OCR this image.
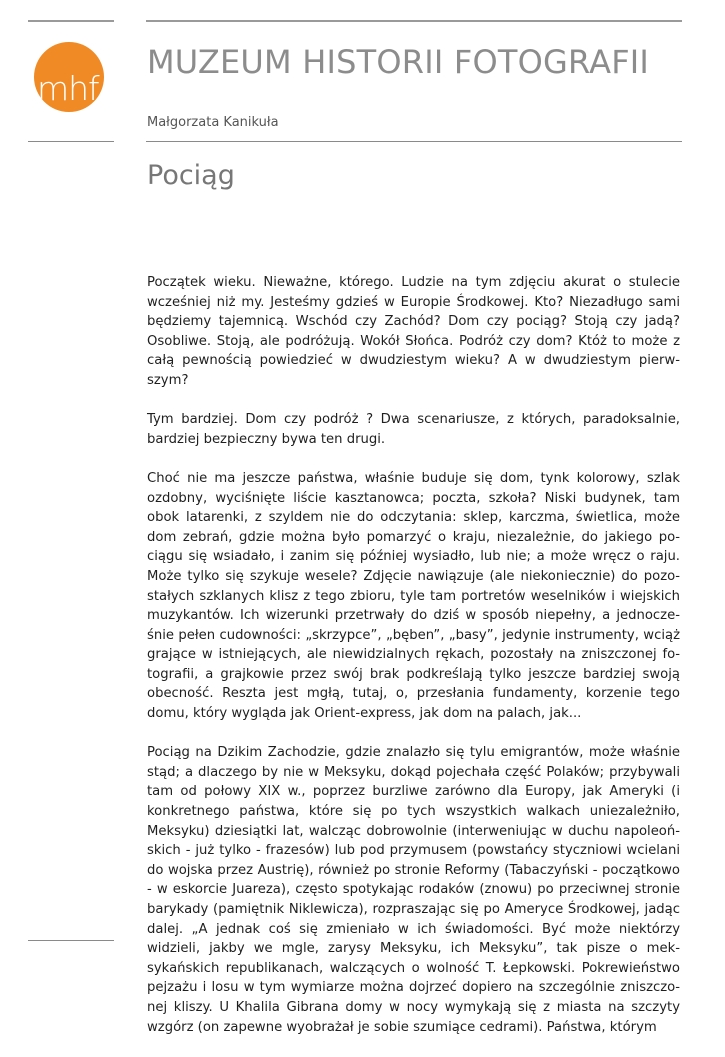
mhf
MUZEUM HISTORII FOTOGRAFII
Małgorzata Kanikuła
Pociąg

Początek wieku. Nieważne, którego. Ludzie na tym zdjęciu akurat o stulecie wcześniej niż my. Jesteśmy gdzieś w Europie Środkowej. Kto? Niezadługo sami będziemy tajemnicą. Wschód czy Zachód? Dom czy pociąg? Stoją czy jadą? Osobliwe. Stoją, ale podróżują. Wokół Słońca. Podróż czy dom? Któż to może z całą pewnością powiedzieć w dwudziestym wieku? A w dwudziestym pierwszym?

Tym bardziej. Dom czy podróż ? Dwa scenariusze, z których, paradoksalnie, bardziej bezpieczny bywa ten drugi.

Choć nie ma jeszcze państwa, właśnie buduje się dom, tynk kolorowy, szlak ozdobny, wyciśnięte liście kasztanowca; poczta, szkoła? Niski budynek, tam obok latarenki, z szyldem nie do odczytania: sklep, karczma, świetlica, może dom zebrań, gdzie można było pomarzyć o kraju, niezależnie, do jakiego pociągu się wsiadało, i zanim się później wysiadło, lub nie; a może wręcz o raju. Może tylko się szykuje wesele? Zdjęcie nawiązuje (ale niekoniecznie) do pozostałych szklanych klisz z tego zbioru, tyle tam portretów weselników i wiejskich muzykantów. Ich wizerunki przetrwały do dziś w sposób niepełny, a jednocześnie pełen cudowności: „skrzypce”, „bęben”, „basy”, jedynie instrumenty, wciąż grające w istniejących, ale niewidzialnych rękach, pozostały na zniszczonej fotografii, a grajkowie przez swój brak podkreślają tylko jeszcze bardziej swoją obecność. Reszta jest mgłą, tutaj, o, przesłania fundamenty, korzenie tego domu, który wygląda jak Orient-express, jak dom na palach, jak...

Pociąg na Dzikim Zachodzie, gdzie znalazło się tylu emigrantów, może właśnie stąd; a dlaczego by nie w Meksyku, dokąd pojechała część Polaków; przybywali tam od połowy XIX w., poprzez burzliwe zarówno dla Europy, jak Ameryki (i konkretnego państwa, które się po tych wszystkich walkach uniezależniło, Meksyku) dziesiątki lat, walcząc dobrowolnie (interweniując w duchu napoleońskich - już tylko - frazesów) lub pod przymusem (powstańcy styczniowi wcielani do wojska przez Austrię), również po stronie Reformy (Tabaczyński - początkowo - w eskorcie Juareza), często spotykając rodaków (znowu) po przeciwnej stronie barykady (pamiętnik Niklewicza), rozpraszając się po Ameryce Środkowej, jadąc dalej. „A jednak coś się zmieniało w ich świadomości. Być może niektórzy widzieli, jakby we mgle, zarysy Meksyku, ich Meksyku”, tak pisze o meksykańskich republikanach, walczących o wolność T. Łepkowski. Pokrewieństwo pejzażu i losu w tym wymiarze można dojrzeć dopiero na szczególnie zniszczonej kliszy. U Khalila Gibrana domy w nocy wymykają się z miasta na szczyty wzgórz (on zapewne wyobrażał je sobie szumiące cedrami). Państwa, którym
